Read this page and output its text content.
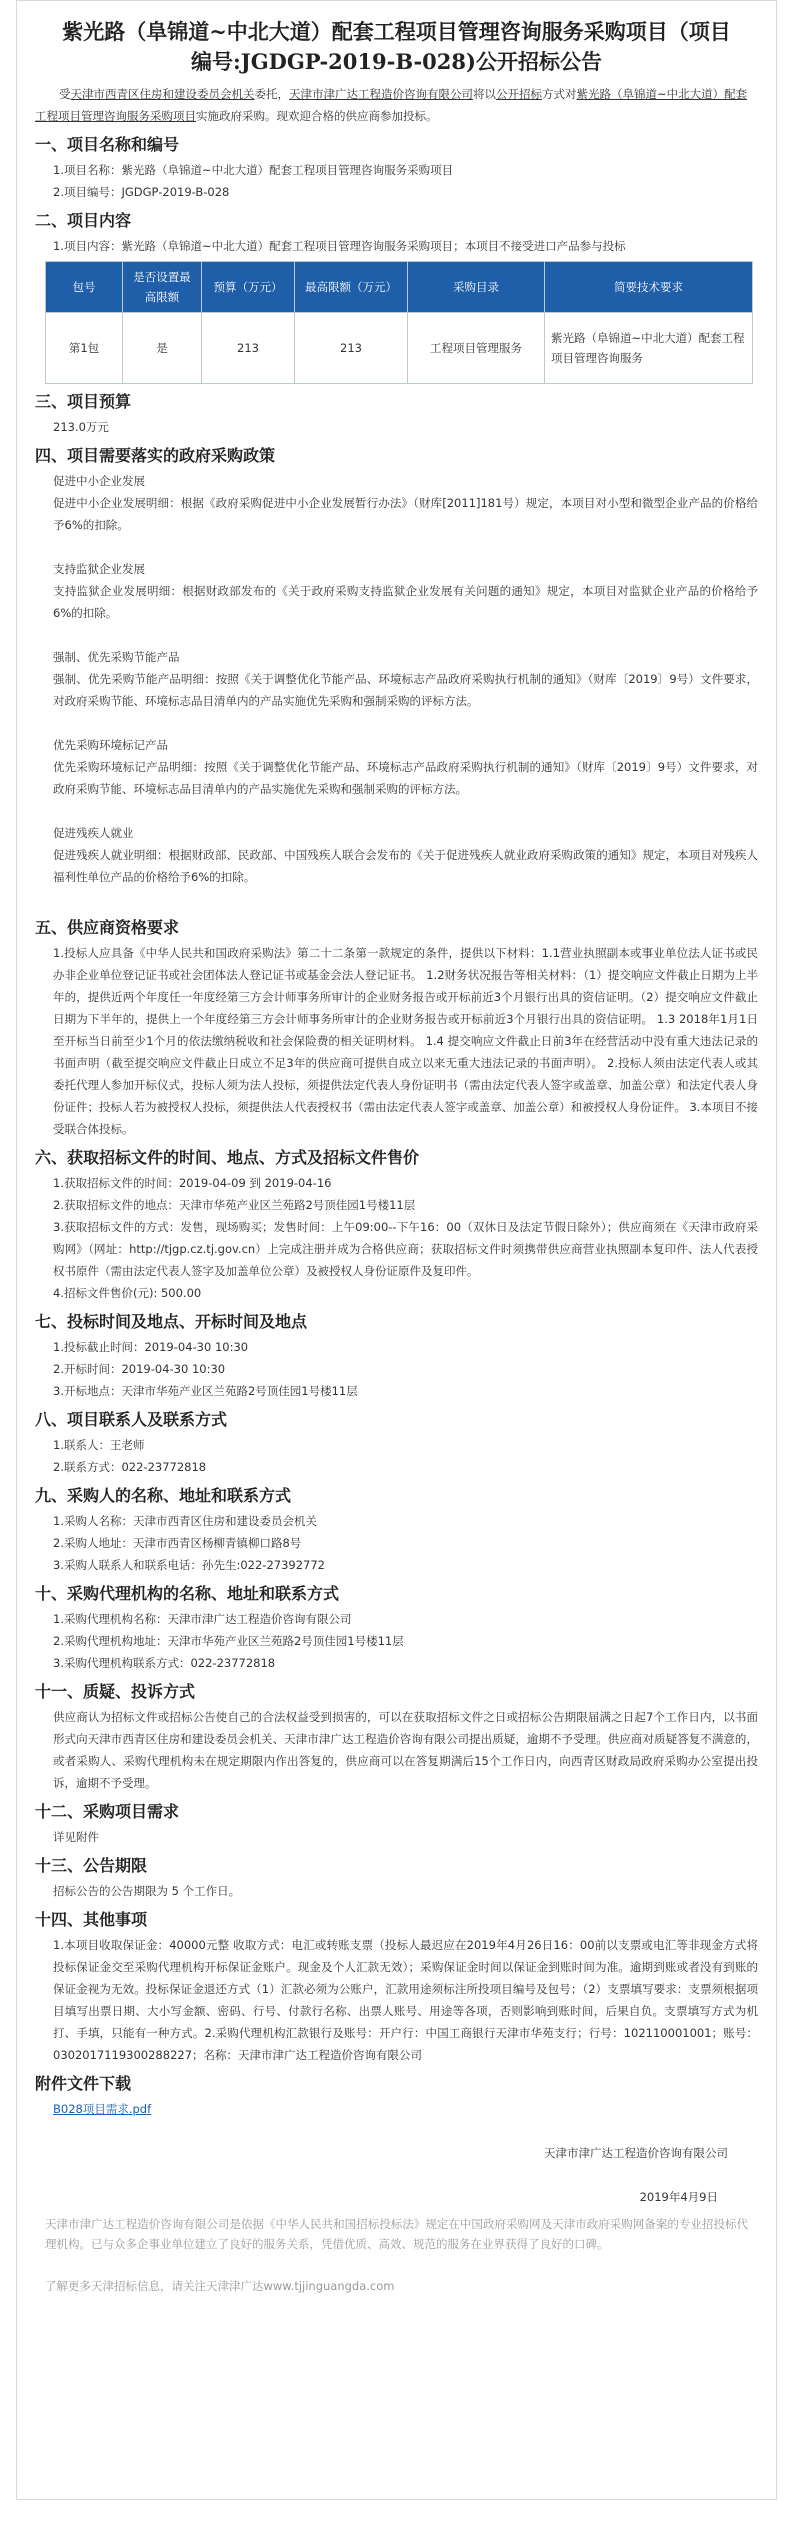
紫光路（阜锦道~中北大道）配套工程项目管理咨询服务采购项目（项目编号:JGDGP-2019-B-028)公开招标公告

受天津市西青区住房和建设委员会机关委托，天津市津广达工程造价咨询有限公司将以公开招标方式对紫光路（阜锦道~中北大道）配套工程项目管理咨询服务采购项目实施政府采购。现欢迎合格的供应商参加投标。

一、项目名称和编号

1.项目名称：紫光路（阜锦道~中北大道）配套工程项目管理咨询服务采购项目

2.项目编号：JGDGP-2019-B-028

二、项目内容

1.项目内容：紫光路（阜锦道~中北大道）配套工程项目管理咨询服务采购项目；本项目不接受进口产品参与投标

包号	是否设置最高限额	预算（万元）	最高限额（万元）	采购目录	简要技术要求
第1包	是	213	213	工程项目管理服务	紫光路（阜锦道~中北大道）配套工程项目管理咨询服务
三、项目预算

213.0万元

四、项目需要落实的政府采购政策

促进中小企业发展

促进中小企业发展明细：根据《政府采购促进中小企业发展暂行办法》（财库[2011]181号）规定，本项目对小型和微型企业产品的价格给予6%的扣除。

支持监狱企业发展

支持监狱企业发展明细：根据财政部发布的《关于政府采购支持监狱企业发展有关问题的通知》规定，本项目对监狱企业产品的价格给予6%的扣除。

强制、优先采购节能产品

强制、优先采购节能产品明细：按照《关于调整优化节能产品、环境标志产品政府采购执行机制的通知》（财库〔2019〕9号）文件要求，对政府采购节能、环境标志品目清单内的产品实施优先采购和强制采购的评标方法。

优先采购环境标记产品

优先采购环境标记产品明细：按照《关于调整优化节能产品、环境标志产品政府采购执行机制的通知》（财库〔2019〕9号）文件要求，对政府采购节能、环境标志品目清单内的产品实施优先采购和强制采购的评标方法。

促进残疾人就业

促进残疾人就业明细：根据财政部、民政部、中国残疾人联合会发布的《关于促进残疾人就业政府采购政策的通知》规定，本项目对残疾人福利性单位产品的价格给予6%的扣除。

五、供应商资格要求

1.投标人应具备《中华人民共和国政府采购法》第二十二条第一款规定的条件，提供以下材料：1.1营业执照副本或事业单位法人证书或民办非企业单位登记证书或社会团体法人登记证书或基金会法人登记证书。 1.2财务状况报告等相关材料：（1）提交响应文件截止日期为上半年的，提供近两个年度任一年度经第三方会计师事务所审计的企业财务报告或开标前近3个月银行出具的资信证明。（2）提交响应文件截止日期为下半年的，提供上一个年度经第三方会计师事务所审计的企业财务报告或开标前近3个月银行出具的资信证明。 1.3 2018年1月1日至开标当日前至少1个月的依法缴纳税收和社会保险费的相关证明材料。 1.4 提交响应文件截止日前3年在经营活动中没有重大违法记录的书面声明（截至提交响应文件截止日成立不足3年的供应商可提供自成立以来无重大违法记录的书面声明）。 2.投标人须由法定代表人或其委托代理人参加开标仪式，投标人须为法人投标，须提供法定代表人身份证明书（需由法定代表人签字或盖章、加盖公章）和法定代表人身份证件；投标人若为被授权人投标，须提供法人代表授权书（需由法定代表人签字或盖章、加盖公章）和被授权人身份证件。 3.本项目不接受联合体投标。

六、获取招标文件的时间、地点、方式及招标文件售价

1.获取招标文件的时间：2019-04-09 到 2019-04-16

2.获取招标文件的地点：天津市华苑产业区兰苑路2号顶佳园1号楼11层

3.获取招标文件的方式：发售，现场购买；发售时间：上午09:00--下午16：00（双休日及法定节假日除外）；供应商须在《天津市政府采购网》（网址：http://tjgp.cz.tj.gov.cn）上完成注册并成为合格供应商；获取招标文件时须携带供应商营业执照副本复印件、法人代表授权书原件（需由法定代表人签字及加盖单位公章）及被授权人身份证原件及复印件。

4.招标文件售价(元): 500.00

七、投标时间及地点、开标时间及地点

1.投标截止时间：2019-04-30 10:30

2.开标时间：2019-04-30 10:30

3.开标地点：天津市华苑产业区兰苑路2号顶佳园1号楼11层

八、项目联系人及联系方式

1.联系人：王老师

2.联系方式：022-23772818

九、采购人的名称、地址和联系方式

1.采购人名称：天津市西青区住房和建设委员会机关

2.采购人地址：天津市西青区杨柳青镇柳口路8号

3.采购人联系人和联系电话：孙先生:022-27392772

十、采购代理机构的名称、地址和联系方式

1.采购代理机构名称：天津市津广达工程造价咨询有限公司

2.采购代理机构地址：天津市华苑产业区兰苑路2号顶佳园1号楼11层

3.采购代理机构联系方式：022-23772818

十一、质疑、投诉方式

供应商认为招标文件或招标公告使自己的合法权益受到损害的，可以在获取招标文件之日或招标公告期限届满之日起7个工作日内，以书面形式向天津市西青区住房和建设委员会机关、天津市津广达工程造价咨询有限公司提出质疑，逾期不予受理。供应商对质疑答复不满意的，或者采购人、采购代理机构未在规定期限内作出答复的，供应商可以在答复期满后15个工作日内，向西青区财政局政府采购办公室提出投诉，逾期不予受理。

十二、采购项目需求

详见附件

十三、公告期限

招标公告的公告期限为 5 个工作日。

十四、其他事项

1.本项目收取保证金：40000元整 收取方式：电汇或转账支票（投标人最迟应在2019年4月26日16：00前以支票或电汇等非现金方式将投标保证金交至采购代理机构开标保证金账户。现金及个人汇款无效）；采购保证金时间以保证金到账时间为准。逾期到账或者没有到账的保证金视为无效。投标保证金退还方式（1）汇款必须为公账户，汇款用途须标注所投项目编号及包号；（2）支票填写要求：支票须根据项目填写出票日期、大小写金额、密码、行号、付款行名称、出票人账号、用途等各项，否则影响到账时间，后果自负。支票填写方式为机打、手填，只能有一种方式。2.采购代理机构汇款银行及账号：开户行：中国工商银行天津市华苑支行；行号：102110001001；账号：0302017119300288227；名称：天津市津广达工程造价咨询有限公司

附件文件下载

B028项目需求.pdf

天津市津广达工程造价咨询有限公司

2019年4月9日

天津市津广达工程造价咨询有限公司是依据《中华人民共和国招标投标法》规定在中国政府采购网及天津市政府采购网备案的专业招投标代理机构。已与众多企事业单位建立了良好的服务关系，凭借优质、高效、规范的服务在业界获得了良好的口碑。

了解更多天津招标信息，请关注天津津广达www.tjjinguangda.com
